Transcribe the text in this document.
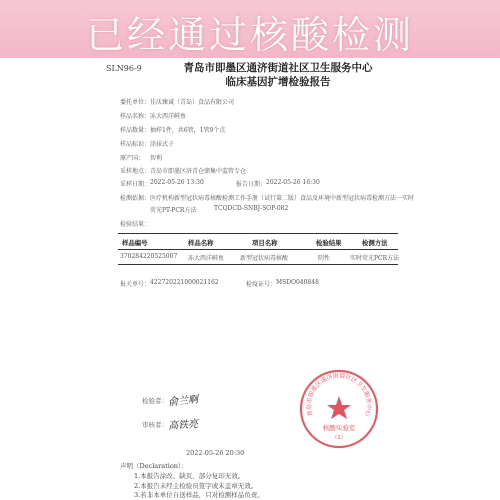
已经通过核酸检测
SLN96-9	青岛市即墨区通济街道社区卫生服务中心
临床基因扩增检验报告
委托单位： 佳沃臻诚（青岛）食品有限公司
样品名称： 冻大西洋鲑鱼
样品数量： 抽样1件，共6管，1管9个点
样品标识： 涂抹式子
原产国： 智利
采样地点： 青岛市即墨区济青仓储集中监管专仓
采样日期： 2022-05-26 13:30	报告日期： 2022-05-26 16:30
检测依据： 医疗机构新型冠状病毒核酸检测工作手册（试行第二版）食品及环境中新型冠状病毒检测方法一实时
荧光PT-PCR方法	TCQDCD-SNBJ-SOP-082
检验结果：
样品编号	样品名称	项目名称	检验结果	检测方法
370284220525007 冻大西洋鲑鱼	新型冠状病毒核酸	阴性	实时荧光PCR方法
报关单号： 422720221000021162	检疫证号： MSDO040848
检验者： 俞兰啊
审核者： 高铁亮
2022-05-26 20:30
青岛市即墨区通济街道社区卫生服务中心
核酸实验室
（1）
声明（Declaration）：
1.本报告涂改、缺页、部分复印无效。
2.本报告未经主检验员签字或未盖章无效。
3.若非本单位自送样品，只对检测样品负责。
